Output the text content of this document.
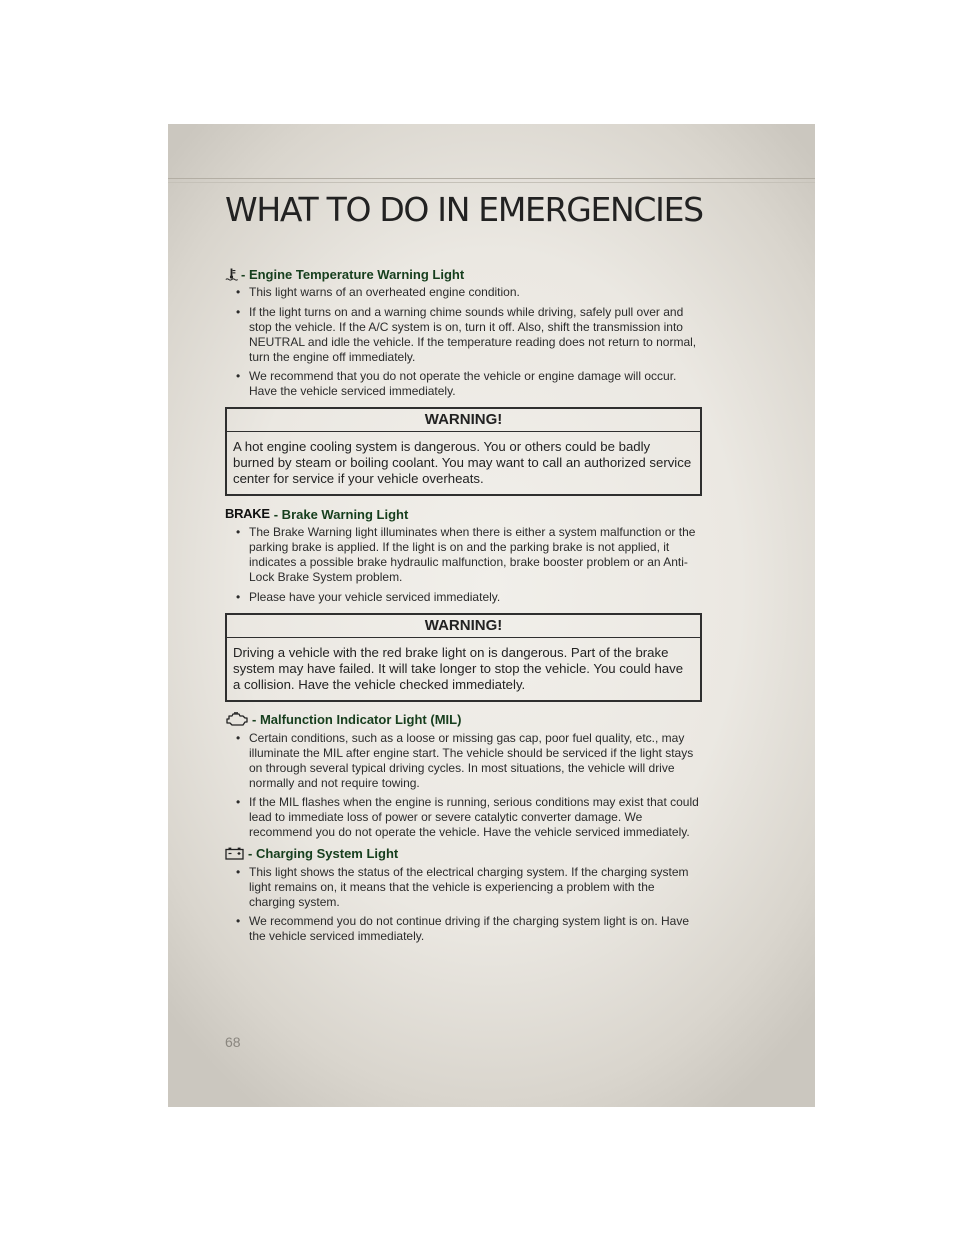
WHAT TO DO IN EMERGENCIES
- Engine Temperature Warning Light
• This light warns of an overheated engine condition.
• If the light turns on and a warning chime sounds while driving, safely pull over and stop the vehicle. If the A/C system is on, turn it off. Also, shift the transmission into NEUTRAL and idle the vehicle. If the temperature reading does not return to normal, turn the engine off immediately.
• We recommend that you do not operate the vehicle or engine damage will occur. Have the vehicle serviced immediately.
WARNING!
A hot engine cooling system is dangerous. You or others could be badly burned by steam or boiling coolant. You may want to call an authorized service center for service if your vehicle overheats.
BRAKE - Brake Warning Light
• The Brake Warning light illuminates when there is either a system malfunction or the parking brake is applied. If the light is on and the parking brake is not applied, it indicates a possible brake hydraulic malfunction, brake booster problem or an Anti-Lock Brake System problem.
• Please have your vehicle serviced immediately.
WARNING!
Driving a vehicle with the red brake light on is dangerous. Part of the brake system may have failed. It will take longer to stop the vehicle. You could have a collision. Have the vehicle checked immediately.
- Malfunction Indicator Light (MIL)
• Certain conditions, such as a loose or missing gas cap, poor fuel quality, etc., may illuminate the MIL after engine start. The vehicle should be serviced if the light stays on through several typical driving cycles. In most situations, the vehicle will drive normally and not require towing.
• If the MIL flashes when the engine is running, serious conditions may exist that could lead to immediate loss of power or severe catalytic converter damage. We recommend you do not operate the vehicle. Have the vehicle serviced immediately.
- Charging System Light
• This light shows the status of the electrical charging system. If the charging system light remains on, it means that the vehicle is experiencing a problem with the charging system.
• We recommend you do not continue driving if the charging system light is on. Have the vehicle serviced immediately.
68
